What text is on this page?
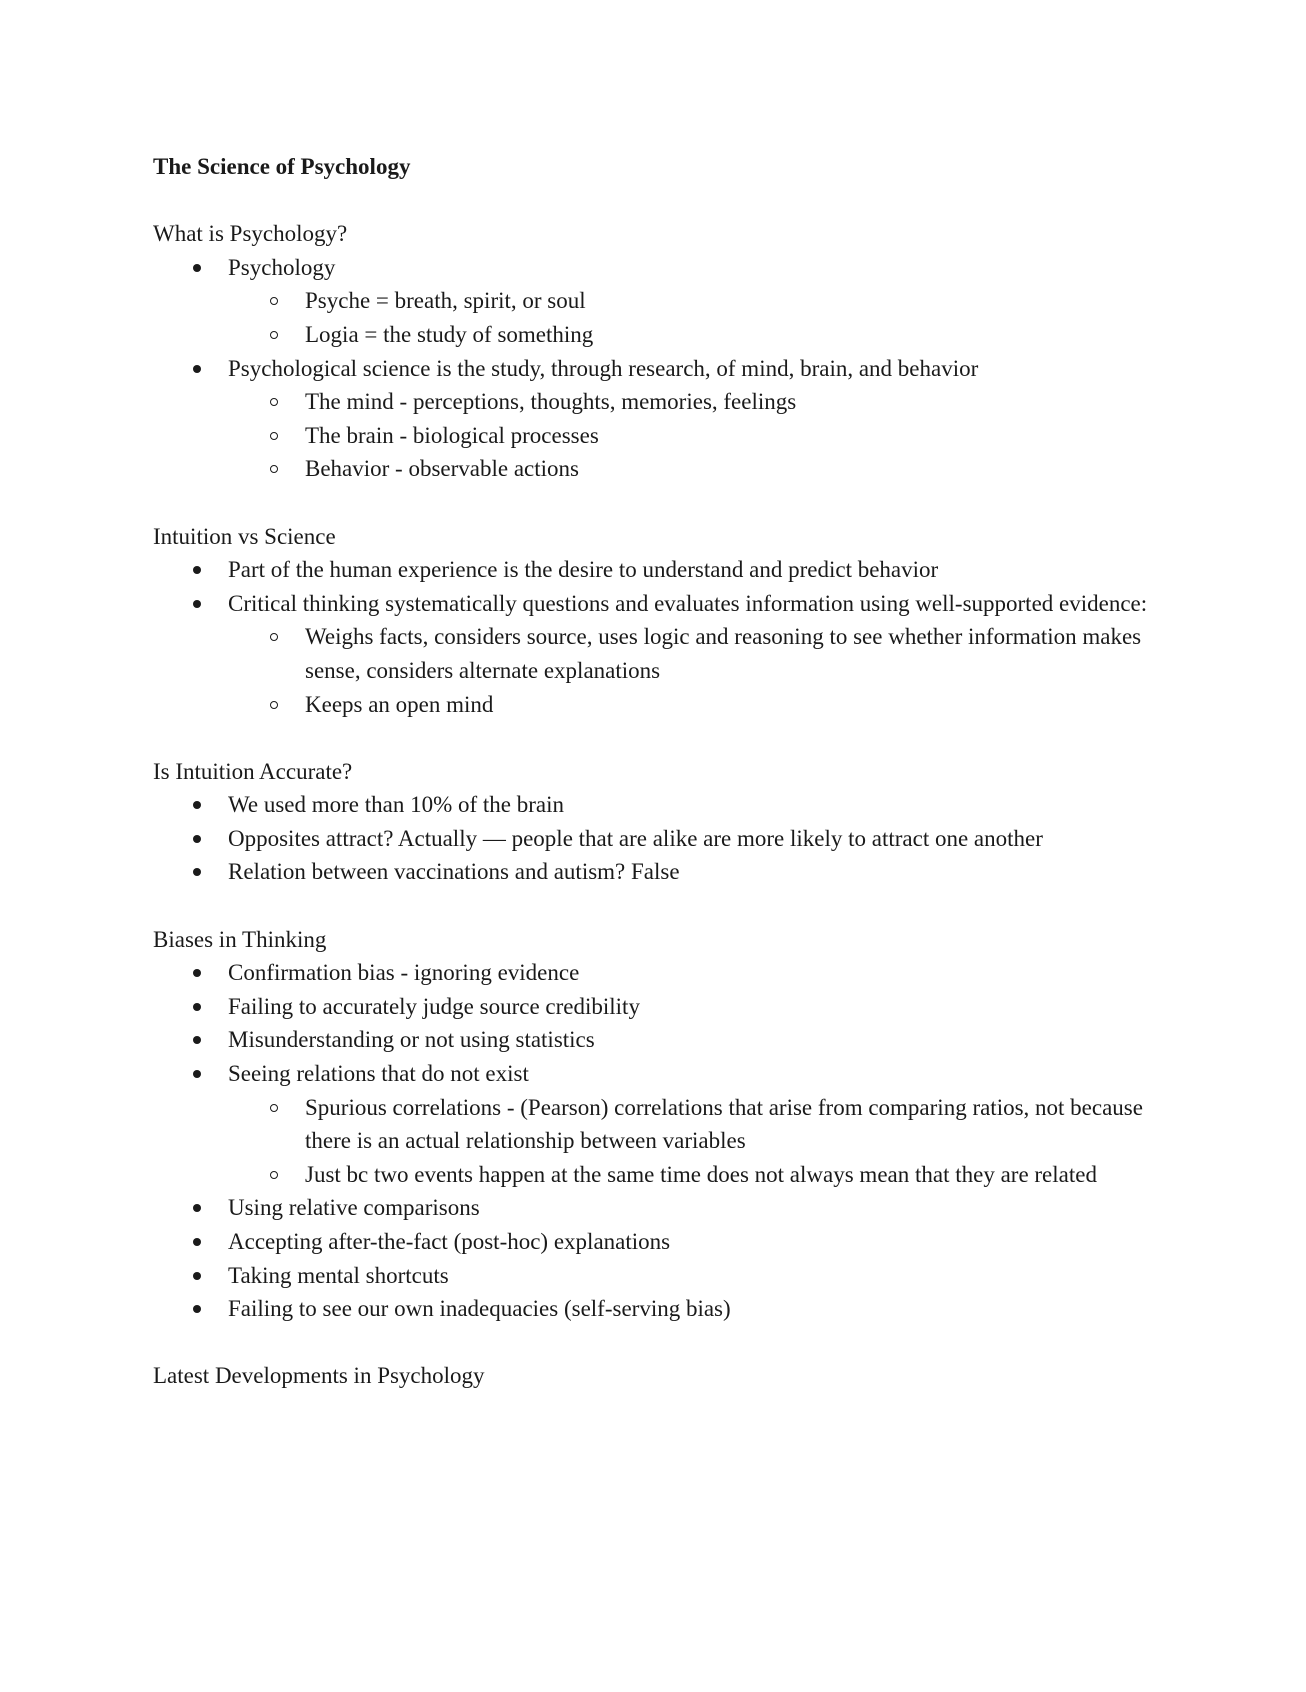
The Science of Psychology
What is Psychology?
Psychology
Psyche = breath, spirit, or soul
Logia = the study of something
Psychological science is the study, through research, of mind, brain, and behavior
The mind - perceptions, thoughts, memories, feelings
The brain - biological processes
Behavior - observable actions
Intuition vs Science
Part of the human experience is the desire to understand and predict behavior
Critical thinking systematically questions and evaluates information using well-supported evidence:
Weighs facts, considers source, uses logic and reasoning to see whether information makes sense, considers alternate explanations
Keeps an open mind
Is Intuition Accurate?
We used more than 10% of the brain
Opposites attract? Actually — people that are alike are more likely to attract one another
Relation between vaccinations and autism? False
Biases in Thinking
Confirmation bias - ignoring evidence
Failing to accurately judge source credibility
Misunderstanding or not using statistics
Seeing relations that do not exist
Spurious correlations - (Pearson) correlations that arise from comparing ratios, not because there is an actual relationship between variables
Just bc two events happen at the same time does not always mean that they are related
Using relative comparisons
Accepting after-the-fact (post-hoc) explanations
Taking mental shortcuts
Failing to see our own inadequacies (self-serving bias)
Latest Developments in Psychology
